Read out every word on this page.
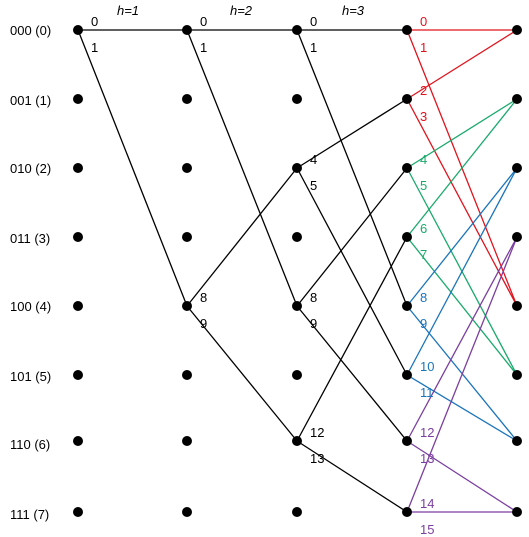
h=1	h=2	h=3
000 (0)
001 (1)
010 (2)
011 (3)
100 (4)
101 (5)
110 (6)
111 (7)
0
1
0
1
8
9
0
1
4
5
8
9
12
13
0
1
2
3
4
5
6
7
8
9
10
11
12
13
14
15
